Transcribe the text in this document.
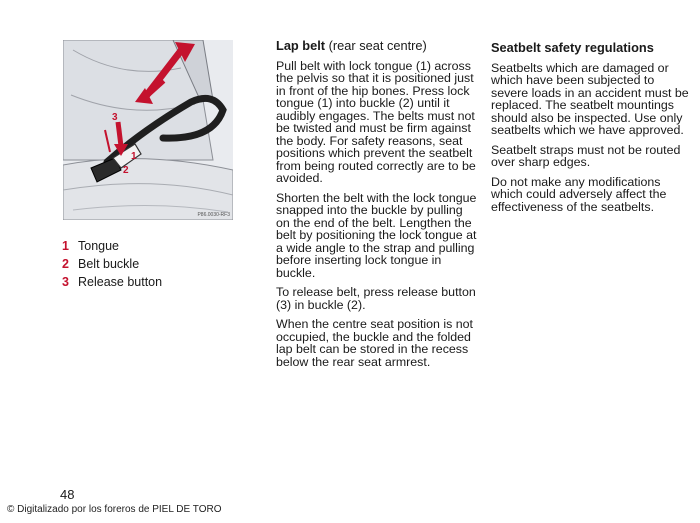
1
2
3
P86.0030-RF3
1 Tongue
2 Belt buckle
3 Release button
Lap belt (rear seat centre)

Pull belt with lock tongue (1) across the pelvis so that it is positioned just in front of the hip bones. Press lock tongue (1) into buckle (2) until it audibly engages. The belts must not be twisted and must be firm against the body. For safety reasons, seat positions which prevent the seatbelt from being routed correctly are to be avoided.

Shorten the belt with the lock tongue snapped into the buckle by pulling on the end of the belt. Lengthen the belt by positioning the lock tongue at a wide angle to the strap and pulling before inserting lock tongue in buckle.

To release belt, press release button (3) in buckle (2).

When the centre seat position is not occupied, the buckle and the folded lap belt can be stored in the recess below the rear seat armrest.

Seatbelt safety regulations

Seatbelts which are damaged or which have been subjected to severe loads in an accident must be replaced. The seatbelt mountings should also be inspected. Use only seatbelts which we have approved.

Seatbelt straps must not be routed over sharp edges.

Do not make any modifications which could adversely affect the effectiveness of the seatbelts.

48
© Digitalizado por los foreros de PIEL DE TORO
